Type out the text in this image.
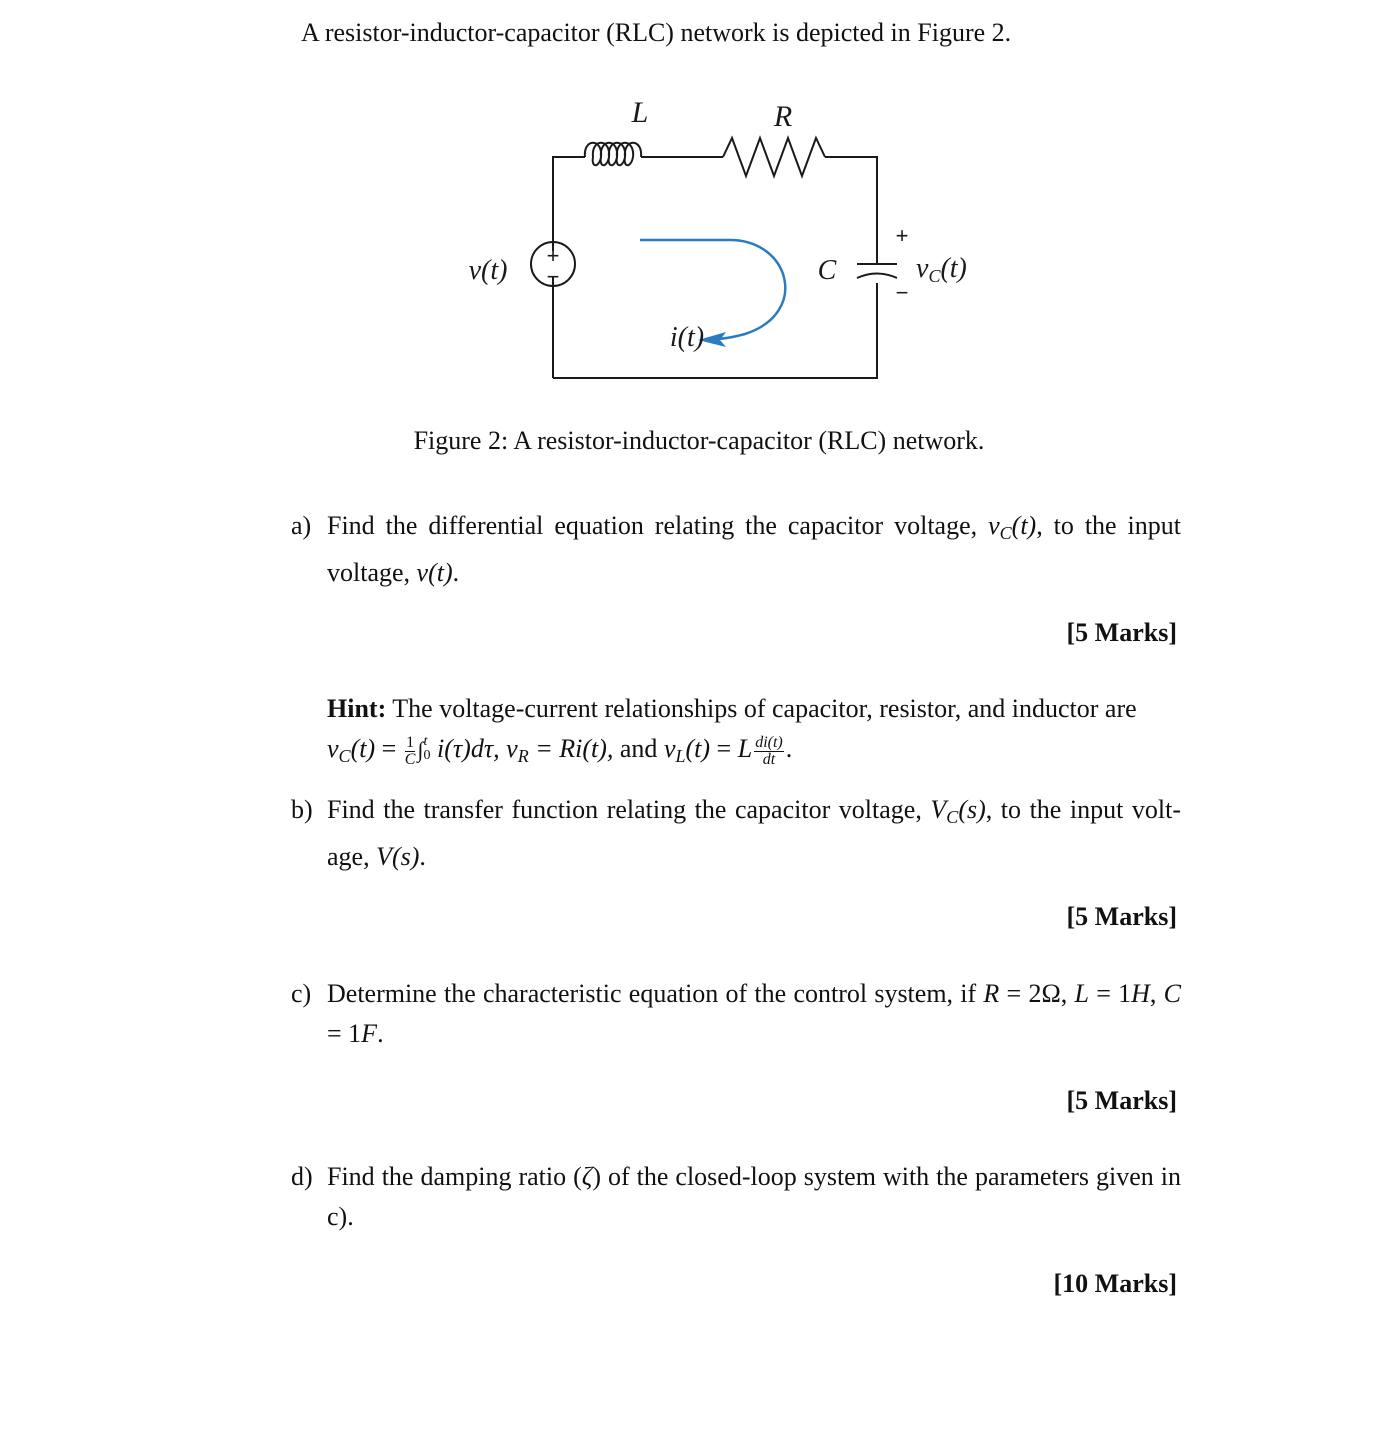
A resistor-inductor-capacitor (RLC) network is depicted in Figure 2.
L	R
C
v(t) +
−
i(t)
+
−
vC(t)
Figure 2: A resistor-inductor-capacitor (RLC) network.
a) Find the differential equation relating the capacitor voltage, $v_C(t)$, to the input voltage, v(t).
[5 Marks]
Hint: The voltage-current relationships of capacitor, resistor, and inductor are
$v_C(t) = \frac{1}{C}$ ∫ t
0 i(τ)dτ, $v_R = Ri(t)$, and $v_L(t) = L \frac{di(t)}{dt}$ .
b) Find the transfer function relating the capacitor voltage, $V_C(s)$, to the input volt- age, V(s).
[5 Marks]
c) Determine the characteristic equation of the control system, if R = 2Ω, L = 1H, C = 1F.
[5 Marks]
d) Find the damping ratio (ζ) of the closed-loop system with the parameters given in c).
[10 Marks]
